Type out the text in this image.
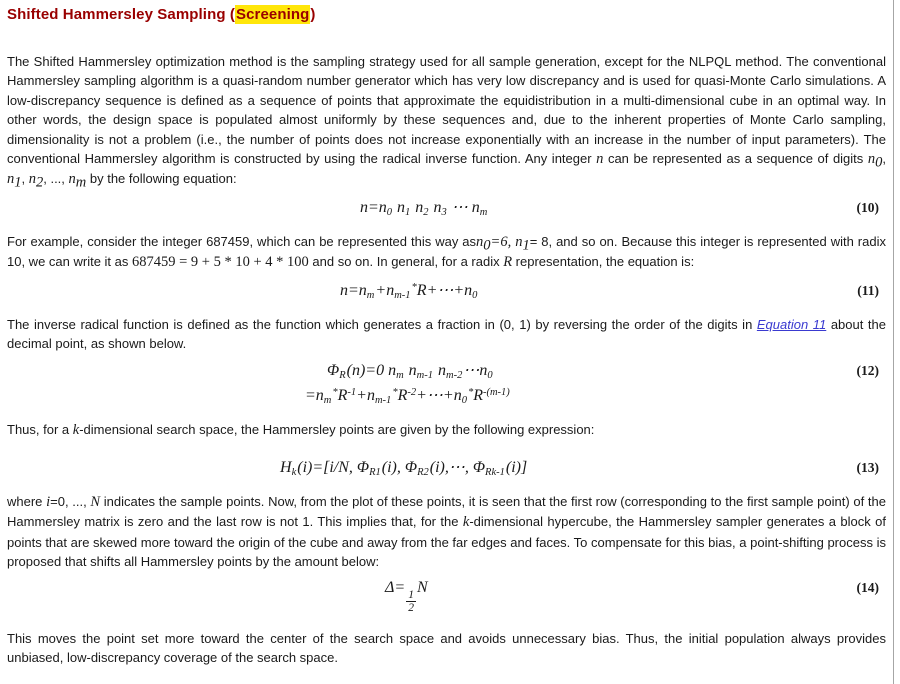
Shifted Hammersley Sampling (Screening)

The Shifted Hammersley optimization method is the sampling strategy used for all sample generation, except for the NLPQL method. The conventional Hammersley sampling algorithm is a quasi-random number generator which has very low discrepancy and is used for quasi-Monte Carlo simulations. A low-discrepancy sequence is defined as a sequence of points that approximate the equidistribution in a multi-dimensional cube in an optimal way. In other words, the design space is populated almost uniformly by these sequences and, due to the inherent properties of Monte Carlo sampling, dimensionality is not a problem (i.e., the number of points does not increase exponentially with an increase in the number of input parameters). The conventional Hammersley algorithm is constructed by using the radical inverse function. Any integer n can be represented as a sequence of digits $n_0$, $n_1$, $n_2$, ..., $n_m$ by the following equation:

$n=n_0$ $n_1$ $n_2$ $n_3$ ⋯ $n_m$	(10)

For example, consider the integer 687459, which can be represented this way asn$_0$=6, $n_1= 8$, and so on. Because this integer is represented with radix 10, we can write it as 687459 = 9 + 5 * 10 + 4 * 100 and so on. In general, for a radix R representation, the equation is:

$n=n_m+n_{m-1}^*R+\cdots+n_0$	(11)

The inverse radical function is defined as the function which generates a fraction in (0, 1) by reversing the order of the digits in Equation 11 about the decimal point, as shown below.

$\Phi_R(n)=0$ $n_m$ $n_{m-1}$ $n_{m-2}\cdots n_0$	(12)
$=n_m^*R^{-1}+n_{m-1}^*R^{-2}+\cdots+n_0^*R^{-(m-1)}$

Thus, for a k-dimensional search space, the Hammersley points are given by the following expression:

$H_k(i)=[i/N$, $\Phi_{R1}(i)$, $\Phi_{R2}(i),\cdots$, $\Phi_{Rk-1}(i)$]	(13)

where i=0, ..., N indicates the sample points. Now, from the plot of these points, it is seen that the first row (corresponding to the first sample point) of the Hammersley matrix is zero and the last row is not 1. This implies that, for the k-dimensional hypercube, the Hammersley sampler generates a block of points that are skewed more toward the origin of the cube and away from the far edges and faces. To compensate for this bias, a point-shifting process is proposed that shifts all Hammersley points by the amount below:

Δ=
$\frac{1}{2}$
N	(14)

This moves the point set more toward the center of the search space and avoids unnecessary bias. Thus, the initial population always provides unbiased, low-discrepancy coverage of the search space.
